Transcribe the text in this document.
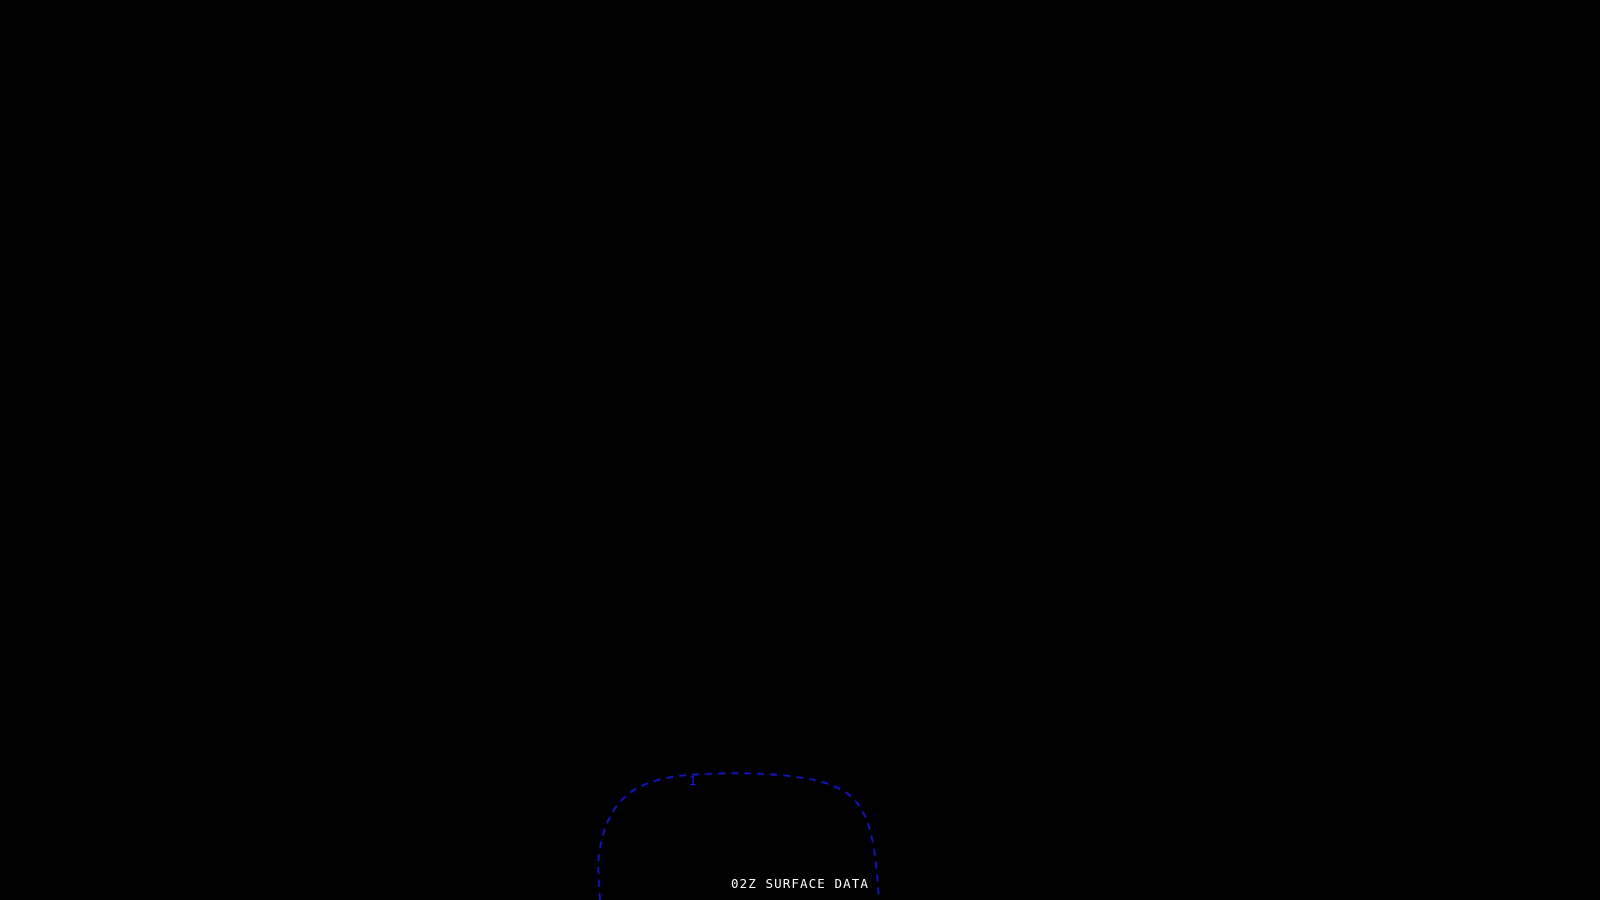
1
02Z SURFACE DATA
